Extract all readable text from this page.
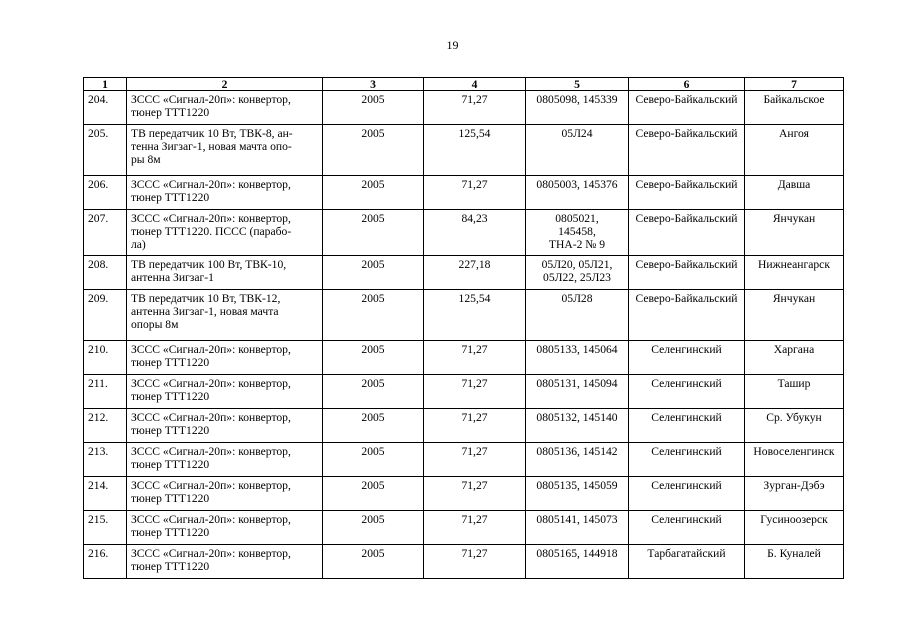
19
1	2	3	4	5	6	7
204.	ЗССС «Сигнал-20п»: конвертор,
тюнер ТТТ1220	2005	71,27	0805098, 145339	Северо-Байкальский	Байкальское
205.	ТВ передатчик 10 Вт, ТВК-8, ан-
тенна Зигзаг-1, новая мачта опо-
ры 8м	2005	125,54	05Л24	Северо-Байкальский	Ангоя
206.	ЗССС «Сигнал-20п»: конвертор,
тюнер ТТТ1220	2005	71,27	0805003, 145376	Северо-Байкальский	Давша
207.	ЗССС «Сигнал-20п»: конвертор,
тюнер ТТТ1220. ПССС (парабо-
ла)	2005	84,23	0805021,
145458,
ТНА-2 № 9	Северо-Байкальский	Янчукан
208.	ТВ передатчик 100 Вт, ТВК-10,
антенна Зигзаг-1	2005	227,18	05Л20, 05Л21,
05Л22, 25Л23	Северо-Байкальский	Нижнеангарск
209.	ТВ передатчик 10 Вт, ТВК-12,
антенна Зигзаг-1, новая мачта
опоры 8м	2005	125,54	05Л28	Северо-Байкальский	Янчукан
210.	ЗССС «Сигнал-20п»: конвертор,
тюнер ТТТ1220	2005	71,27	0805133, 145064	Селенгинский	Харгана
211.	ЗССС «Сигнал-20п»: конвертор,
тюнер ТТТ1220	2005	71,27	0805131, 145094	Селенгинский	Ташир
212.	ЗССС «Сигнал-20п»: конвертор,
тюнер ТТТ1220	2005	71,27	0805132, 145140	Селенгинский	Ср. Убукун
213.	ЗССС «Сигнал-20п»: конвертор,
тюнер ТТТ1220	2005	71,27	0805136, 145142	Селенгинский	Новоселенгинск
214.	ЗССС «Сигнал-20п»: конвертор,
тюнер ТТТ1220	2005	71,27	0805135, 145059	Селенгинский	Зурган-Дэбэ
215.	ЗССС «Сигнал-20п»: конвертор,
тюнер ТТТ1220	2005	71,27	0805141, 145073	Селенгинский	Гусиноозерск
216.	ЗССС «Сигнал-20п»: конвертор,
тюнер ТТТ1220	2005	71,27	0805165, 144918	Тарбагатайский	Б. Куналей
